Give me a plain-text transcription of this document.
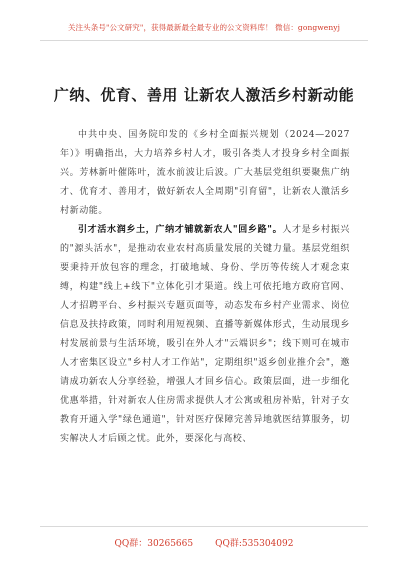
关注头条号"公文研究"，获得最新最全最专业的公文资料库！ 微信：gongwenyj
广纳、优育、善用 让新农人激活乡村新动能

中共中央、国务院印发的《乡村全面振兴规划（2024—2027年）》明确指出，大力培养乡村人才，吸引各类人才投身乡村全面振兴。芳林新叶催陈叶，流水前波让后波。广大基层党组织要聚焦广纳才、优育才、善用才，做好新农人全周期"引育留"，让新农人激活乡村新动能。

引才活水润乡土，广纳才铺就新农人"回乡路"。人才是乡村振兴的"源头活水"，是推动农业农村高质量发展的关键力量。基层党组织要秉持开放包容的理念，打破地域、身份、学历等传统人才观念束缚，构建"线上+线下"立体化引才渠道。线上可依托地方政府官网、人才招聘平台、乡村振兴专题页面等，动态发布乡村产业需求、岗位信息及扶持政策，同时利用短视频、直播等新媒体形式，生动展现乡村发展前景与生活环境，吸引在外人才"云端识乡"；线下则可在城市人才密集区设立"乡村人才工作站"，定期组织"返乡创业推介会"，邀请成功新农人分享经验，增强人才回乡信心。政策层面，进一步细化优惠举措，针对新农人住房需求提供人才公寓或租房补贴，针对子女教育开通入学"绿色通道"，针对医疗保障完善异地就医结算服务，切实解决人才后顾之忧。此外，要深化与高校、

QQ群：30265665 QQ群:535304092
